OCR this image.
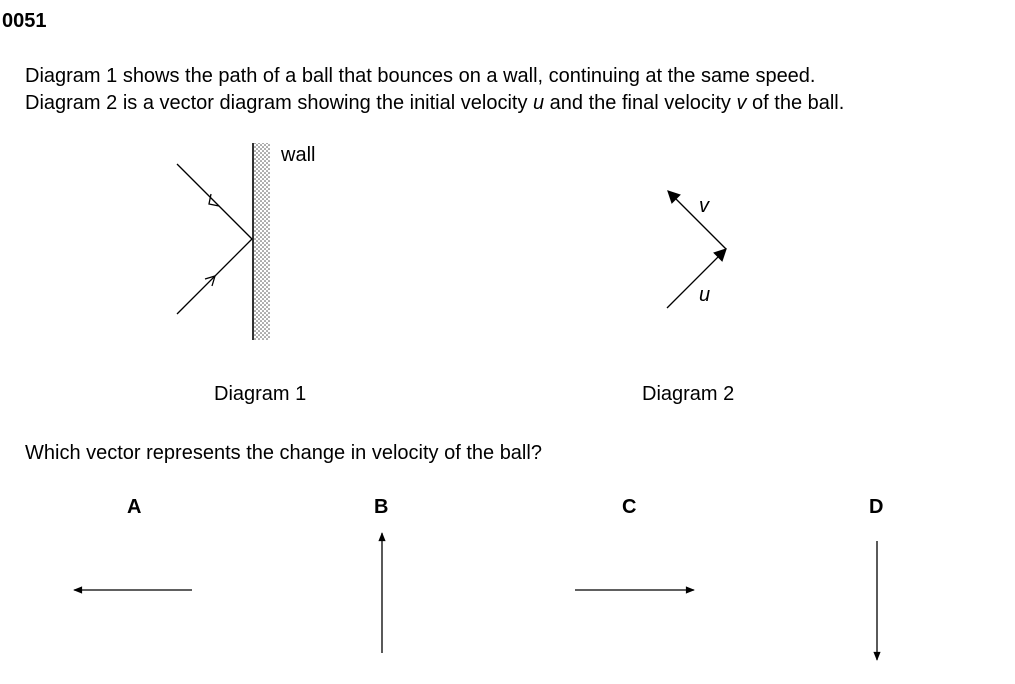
0051

Diagram 1 shows the path of a ball that bounces on a wall, continuing at the same speed.

Diagram 2 is a vector diagram showing the initial velocity u and the final velocity v of the ball.

v
u
wall
Diagram 1	Diagram 2
Which vector represents the change in velocity of the ball?
A	B	C	D
